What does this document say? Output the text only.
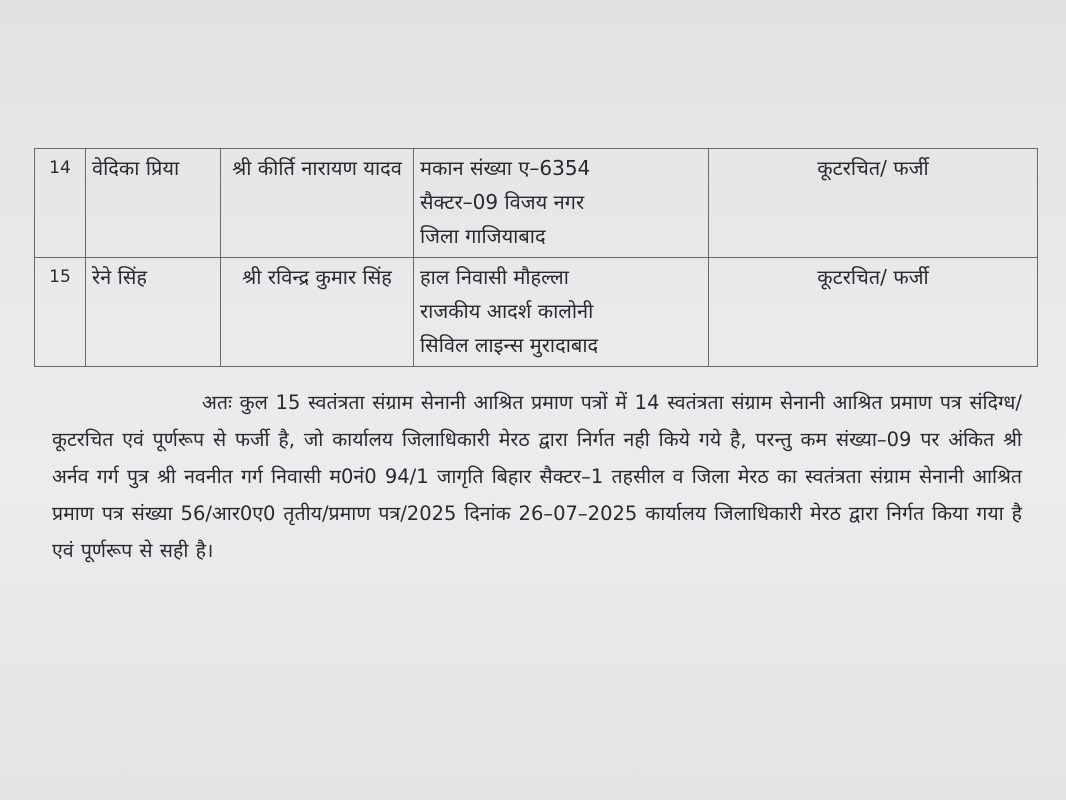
14	वेदिका प्रिया	श्री कीर्ति नारायण यादव	मकान संख्या ए–6354
सैक्टर–09 विजय नगर
जिला गाजियाबाद	कूटरचित/ फर्जी
15	रेने सिंह	श्री रविन्द्र कुमार सिंह	हाल निवासी मौहल्ला
राजकीय आदर्श कालोनी
सिविल लाइन्स मुरादाबाद	कूटरचित/ फर्जी

अतः कुल 15 स्वतंत्रता संग्राम सेनानी आश्रित प्रमाण पत्रों में 14 स्वतंत्रता संग्राम सेनानी आश्रित प्रमाण पत्र संदिग्ध/कूटरचित एवं पूर्णरूप से फर्जी है, जो कार्यालय जिलाधिकारी मेरठ द्वारा निर्गत नही किये गये है, परन्तु कम संख्या–09 पर अंकित श्री अर्नव गर्ग पुत्र श्री नवनीत गर्ग निवासी म0नं0 94/1 जागृति बिहार सैक्टर–1 तहसील व जिला मेरठ का स्वतंत्रता संग्राम सेनानी आश्रित प्रमाण पत्र संख्या 56/आर0ए0 तृतीय/प्रमाण पत्र/2025 दिनांक 26–07–2025 कार्यालय जिलाधिकारी मेरठ द्वारा निर्गत किया गया है एवं पूर्णरूप से सही है।
